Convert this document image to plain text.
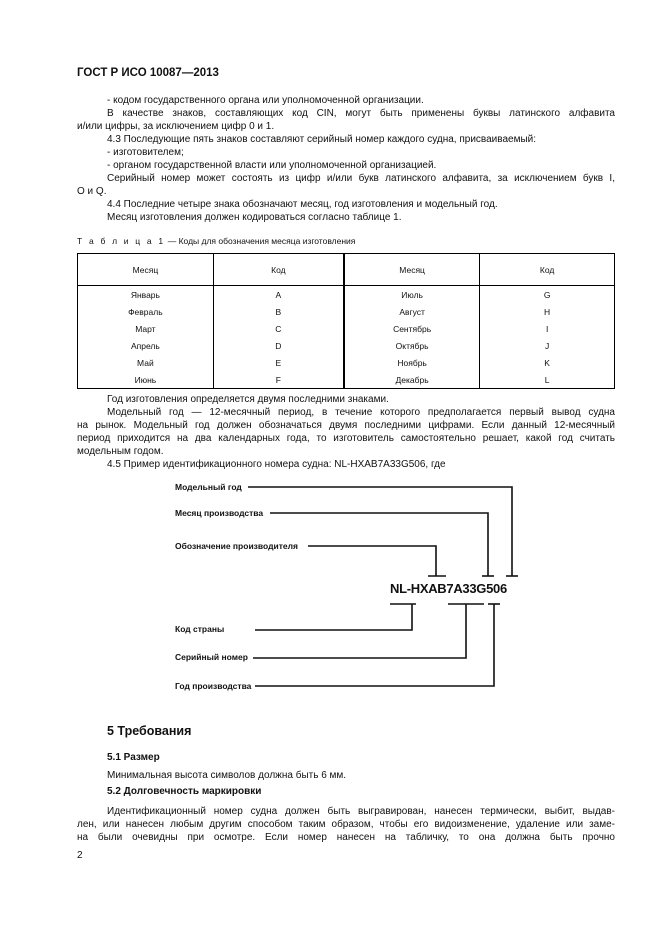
ГОСТ Р ИСО 10087—2013
- кодом государственного органа или уполномоченной организации.
В качестве знаков, составляющих код CIN, могут быть применены буквы латинского алфавита
и/или цифры, за исключением цифр 0 и 1.
4.3 Последующие пять знаков составляют серийный номер каждого судна, присваиваемый:
- изготовителем;
- органом государственной власти или уполномоченной организацией.
Серийный номер может состоять из цифр и/или букв латинского алфавита, за исключением букв I,
O и Q.
4.4 Последние четыре знака обозначают месяц, год изготовления и модельный год.
Месяц изготовления должен кодироваться согласно таблице 1.
Т а б л и ц а 1 — Коды для обозначения месяца изготовления
Месяц	Код	Месяц	Код
Январь	A	Июль	G
Февраль	B	Август	H
Март	C	Сентябрь	I
Апрель	D	Октябрь	J
Май	E	Ноябрь	K
Июнь	F	Декабрь	L
Год изготовления определяется двумя последними знаками.
Модельный год — 12-месячный период, в течение которого предполагается первый вывод судна
на рынок. Модельный год должен обозначаться двумя последними цифрами. Если данный 12-месячный
период приходится на два календарных года, то изготовитель самостоятельно решает, какой год считать
модельным годом.
4.5 Пример идентификационного номера судна: NL-HXAB7A33G506, где
Модельный год
Месяц производства
Обозначение производителя
Код страны
Серийный номер
Год производства
NL-HXAB7A33G506
5 Требования
5.1 Размер
Минимальная высота символов должна быть 6 мм.
5.2 Долговечность маркировки
Идентификационный номер судна должен быть выгравирован, нанесен термически, выбит, выдав-
лен, или нанесен любым другим способом таким образом, чтобы его видоизменение, удаление или заме-
на были очевидны при осмотре. Если номер нанесен на табличку, то она должна быть прочно
2
